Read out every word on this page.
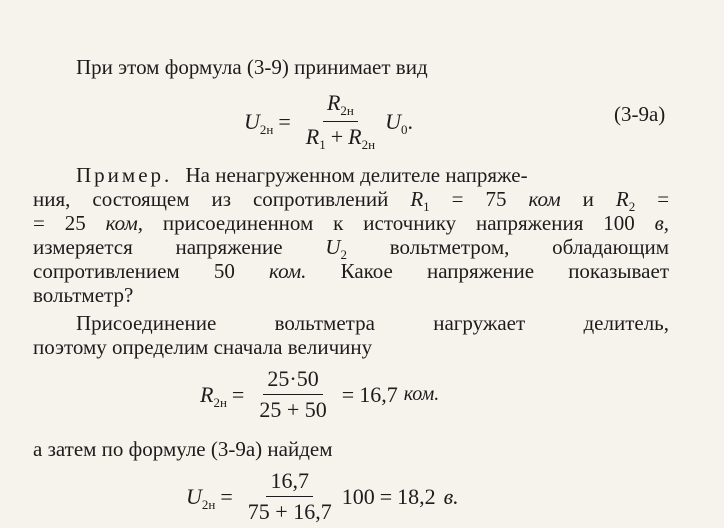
При этом формула (3-9) принимает вид
$U_{2н} = \frac{R_{2н}}{R_1 + R_{2н}} U_0$ .	(3-9а)
Пример. На ненагруженном делителе напряже-
ния, состоящем из сопротивлений $R_1 = 75$ ком и $R_2$ =
= 25 ком, присоединенном к источнику напряжения 100 в,
измеряется напряжение $U_2$ вольтметром, обладающим
сопротивлением 50 ком. Какое напряжение показывает
вольтметр?
Присоединение вольтметра нагружает делитель,
поэтому определим сначала величину
$R_{2н} = \frac{25\cdot 50}{25 + 50} = 16,7$ ком.
а затем по формуле (3-9а) найдем
$U_{2н} = \frac{16,7}{75 + 16,7} 100 = 18,2$ в.
